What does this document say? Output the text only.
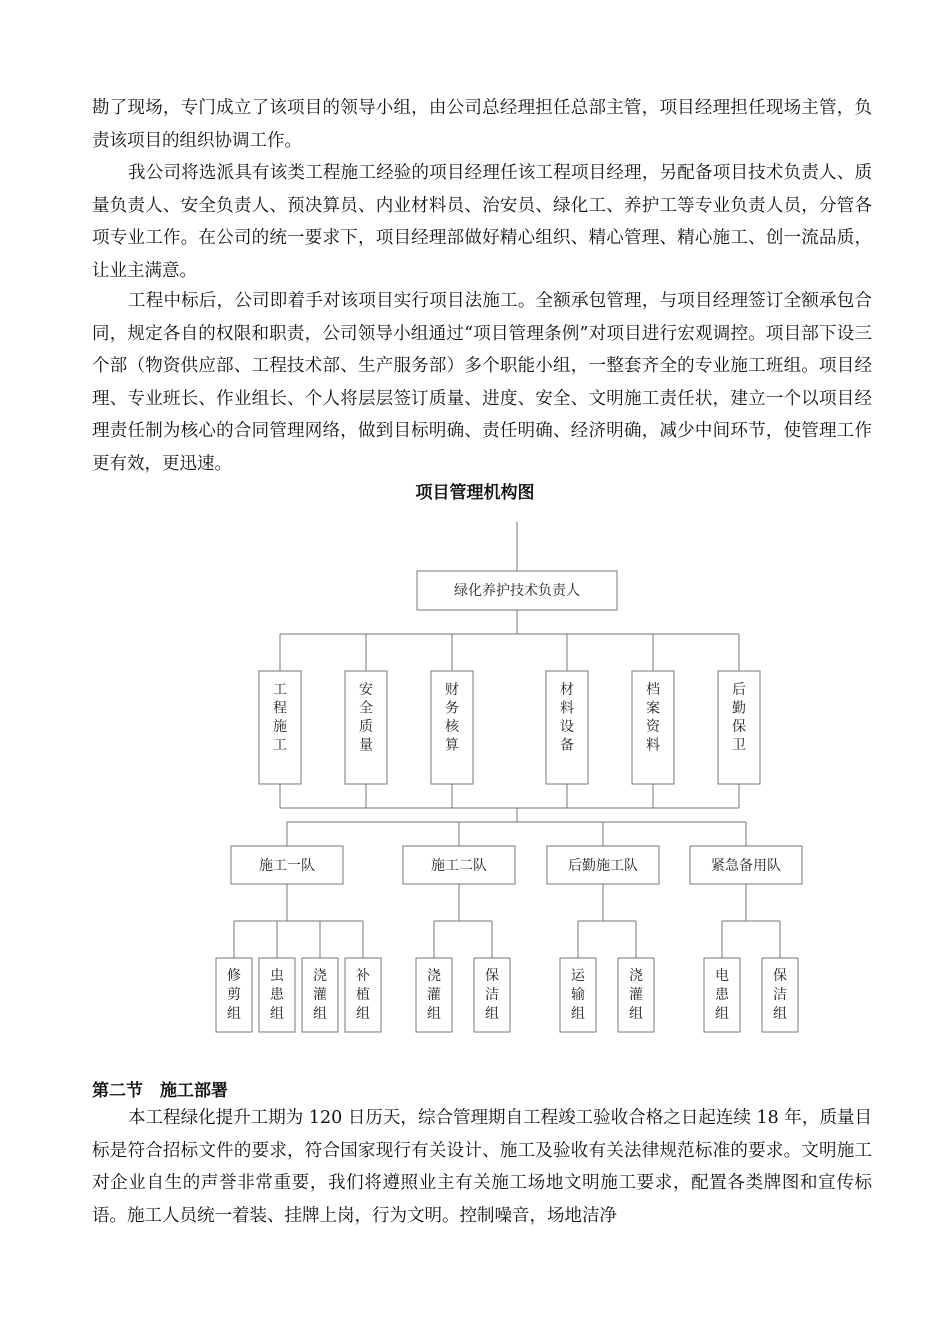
勘了现场，专门成立了该项目的领导小组，由公司总经理担任总部主管，项目经理担任现场主管，负责该项目的组织协调工作。

我公司将选派具有该类工程施工经验的项目经理任该工程项目经理，另配备项目技术负责人、质量负责人、安全负责人、预决算员、内业材料员、治安员、绿化工、养护工等专业负责人员，分管各项专业工作。在公司的统一要求下，项目经理部做好精心组织、精心管理、精心施工、创一流品质，让业主满意。

工程中标后，公司即着手对该项目实行项目法施工。全额承包管理，与项目经理签订全额承包合同，规定各自的权限和职责，公司领导小组通过“项目管理条例”对项目进行宏观调控。项目部下设三个部（物资供应部、工程技术部、生产服务部）多个职能小组，一整套齐全的专业施工班组。项目经理、专业班长、作业组长、个人将层层签订质量、进度、安全、文明施工责任状，建立一个以项目经理责任制为核心的合同管理网络，做到目标明确、责任明确、经济明确，减少中间环节，使管理工作更有效，更迅速。

项目管理机构图
绿化养护技术负责人
工程施工
安全质量
财务核算
材料设备
档案资料
后勤保卫
施工一队
修剪组
虫患组
浇灌组
补植组
施工二队
浇灌组
保洁组
后勤施工队
运输组
浇灌组
紧急备用队
电患组
保洁组
第二节　施工部署

本工程绿化提升工期为 120 日历天，综合管理期自工程竣工验收合格之日起连续 18 年，质量目标是符合招标文件的要求，符合国家现行有关设计、施工及验收有关法律规范标准的要求。文明施工对企业自生的声誉非常重要，我们将遵照业主有关施工场地文明施工要求，配置各类牌图和宣传标语。施工人员统一着装、挂牌上岗，行为文明。控制噪音，场地洁净
